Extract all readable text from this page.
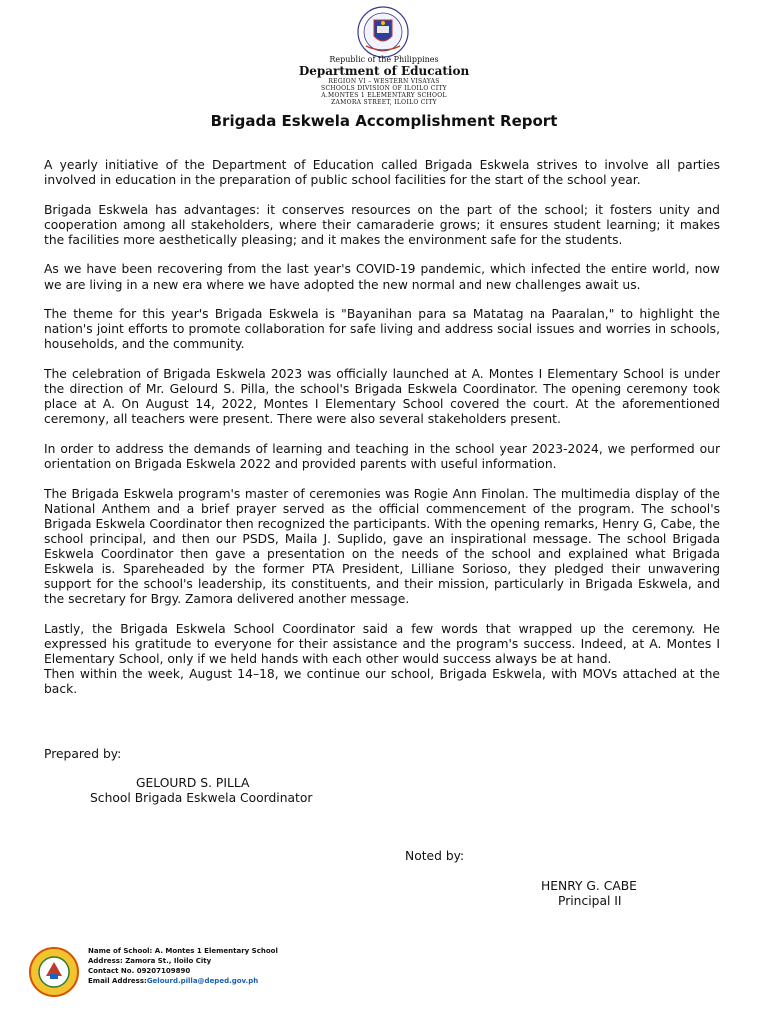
Republic of the Philippines
Department of Education
REGION VI – WESTERN VISAYAS
SCHOOLS DIVISION OF ILOILO CITY
A.MONTES 1 ELEMENTARY SCHOOL
ZAMORA STREET, ILOILO CITY
Brigada Eskwela Accomplishment Report

A yearly initiative of the Department of Education called Brigada Eskwela strives to involve all parties involved in education in the preparation of public school facilities for the start of the school year.

Brigada Eskwela has advantages: it conserves resources on the part of the school; it fosters unity and cooperation among all stakeholders, where their camaraderie grows; it ensures student learning; it makes the facilities more aesthetically pleasing; and it makes the environment safe for the students.

As we have been recovering from the last year's COVID-19 pandemic, which infected the entire world, now we are living in a new era where we have adopted the new normal and new challenges await us.

The theme for this year's Brigada Eskwela is "Bayanihan para sa Matatag na Paaralan," to highlight the nation's joint efforts to promote collaboration for safe living and address social issues and worries in schools, households, and the community.

The celebration of Brigada Eskwela 2023 was officially launched at A. Montes I Elementary School is under the direction of Mr. Gelourd S. Pilla, the school's Brigada Eskwela Coordinator. The opening ceremony took place at A. On August 14, 2022, Montes I Elementary School covered the court. At the aforementioned ceremony, all teachers were present. There were also several stakeholders present.

In order to address the demands of learning and teaching in the school year 2023-2024, we performed our orientation on Brigada Eskwela 2022 and provided parents with useful information.

The Brigada Eskwela program's master of ceremonies was Rogie Ann Finolan. The multimedia display of the National Anthem and a brief prayer served as the official commencement of the program. The school's Brigada Eskwela Coordinator then recognized the participants. With the opening remarks, Henry G, Cabe, the school principal, and then our PSDS, Maila J. Suplido, gave an inspirational message. The school Brigada Eskwela Coordinator then gave a presentation on the needs of the school and explained what Brigada Eskwela is. Spareheaded by the former PTA President, Lilliane Sorioso, they pledged their unwavering support for the school's leadership, its constituents, and their mission, particularly in Brigada Eskwela, and the secretary for Brgy. Zamora delivered another message.

Lastly, the Brigada Eskwela School Coordinator said a few words that wrapped up the ceremony. He expressed his gratitude to everyone for their assistance and the program's success. Indeed, at A. Montes I Elementary School, only if we held hands with each other would success always be at hand.

Then within the week, August 14–18, we continue our school, Brigada Eskwela, with MOVs attached at the back.

Prepared by:
GELOURD S. PILLA
School Brigada Eskwela Coordinator
Noted by:
HENRY G. CABE
Principal II
Name of School: A. Montes 1 Elementary School
Address: Zamora St., Iloilo City
Contact No. 09207109890
Email Address:Gelourd.pilla@deped.gov.ph
